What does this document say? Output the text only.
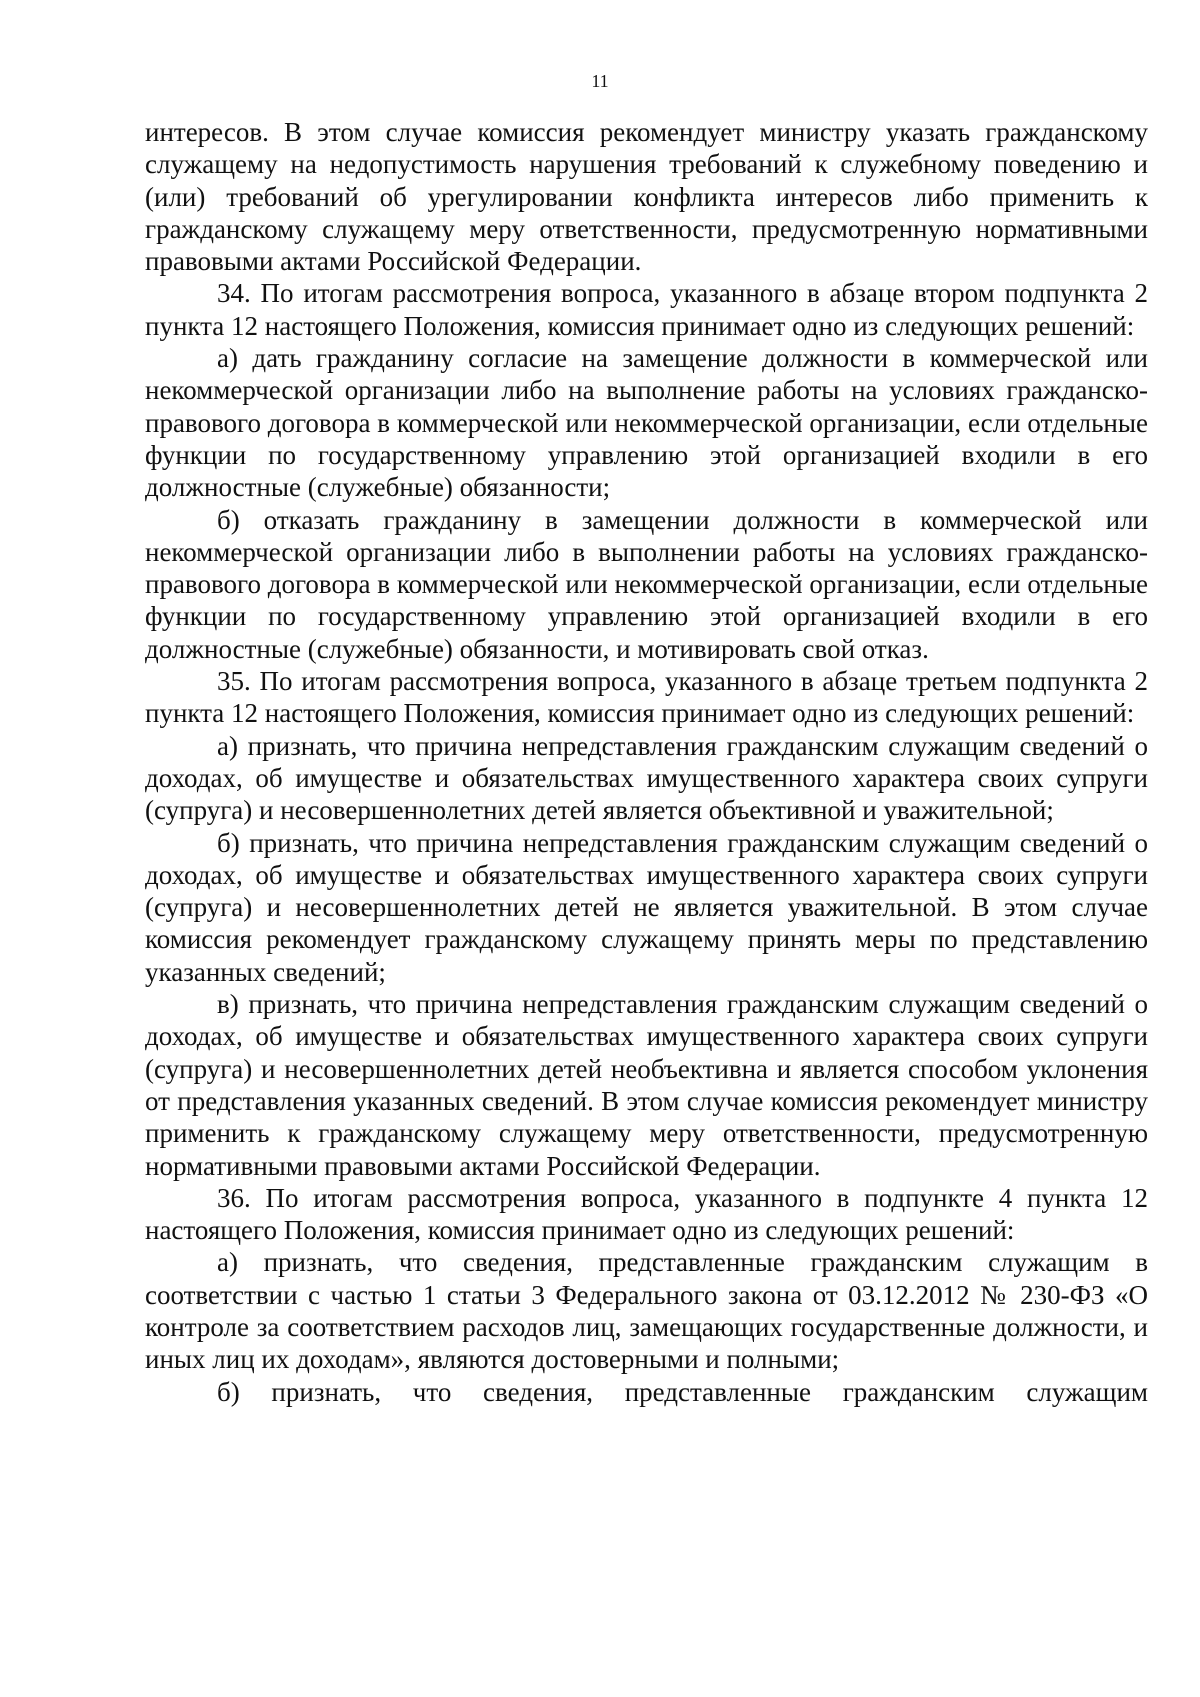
11

интересов. В этом случае комиссия рекомендует министру указать гражданскому служащему на недопустимость нарушения требований к служебному поведению и (или) требований об урегулировании конфликта интересов либо применить к гражданскому служащему меру ответственности, предусмотренную нормативными правовыми актами Российской Федерации.

34. По итогам рассмотрения вопроса, указанного в абзаце втором подпункта 2 пункта 12 настоящего Положения, комиссия принимает одно из следующих решений:

а) дать гражданину согласие на замещение должности в коммерческой или некоммерческой организации либо на выполнение работы на условиях гражданско-правового договора в коммерческой или некоммерческой организации, если отдельные функции по государственному управлению этой организацией входили в его должностные (служебные) обязанности;

б) отказать гражданину в замещении должности в коммерческой или некоммерческой организации либо в выполнении работы на условиях гражданско-правового договора в коммерческой или некоммерческой организации, если отдельные функции по государственному управлению этой организацией входили в его должностные (служебные) обязанности, и мотивировать свой отказ.

35. По итогам рассмотрения вопроса, указанного в абзаце третьем подпункта 2 пункта 12 настоящего Положения, комиссия принимает одно из следующих решений:

а) признать, что причина непредставления гражданским служащим сведений о доходах, об имуществе и обязательствах имущественного характера своих супруги (супруга) и несовершеннолетних детей является объективной и уважительной;

б) признать, что причина непредставления гражданским служащим сведений о доходах, об имуществе и обязательствах имущественного характера своих супруги (супруга) и несовершеннолетних детей не является уважительной. В этом случае комиссия рекомендует гражданскому служащему принять меры по представлению указанных сведений;

в) признать, что причина непредставления гражданским служащим сведений о доходах, об имуществе и обязательствах имущественного характера своих супруги (супруга) и несовершеннолетних детей необъективна и является способом уклонения от представления указанных сведений. В этом случае комиссия рекомендует министру применить к гражданскому служащему меру ответственности, предусмотренную нормативными правовыми актами Российской Федерации.

36. По итогам рассмотрения вопроса, указанного в подпункте 4 пункта 12 настоящего Положения, комиссия принимает одно из следующих решений:

а) признать, что сведения, представленные гражданским служащим в соответствии с частью 1 статьи 3 Федерального закона от 03.12.2012 № 230-ФЗ «О контроле за соответствием расходов лиц, замещающих государственные должности, и иных лиц их доходам», являются достоверными и полными;

б) признать, что сведения, представленные гражданским служащим
